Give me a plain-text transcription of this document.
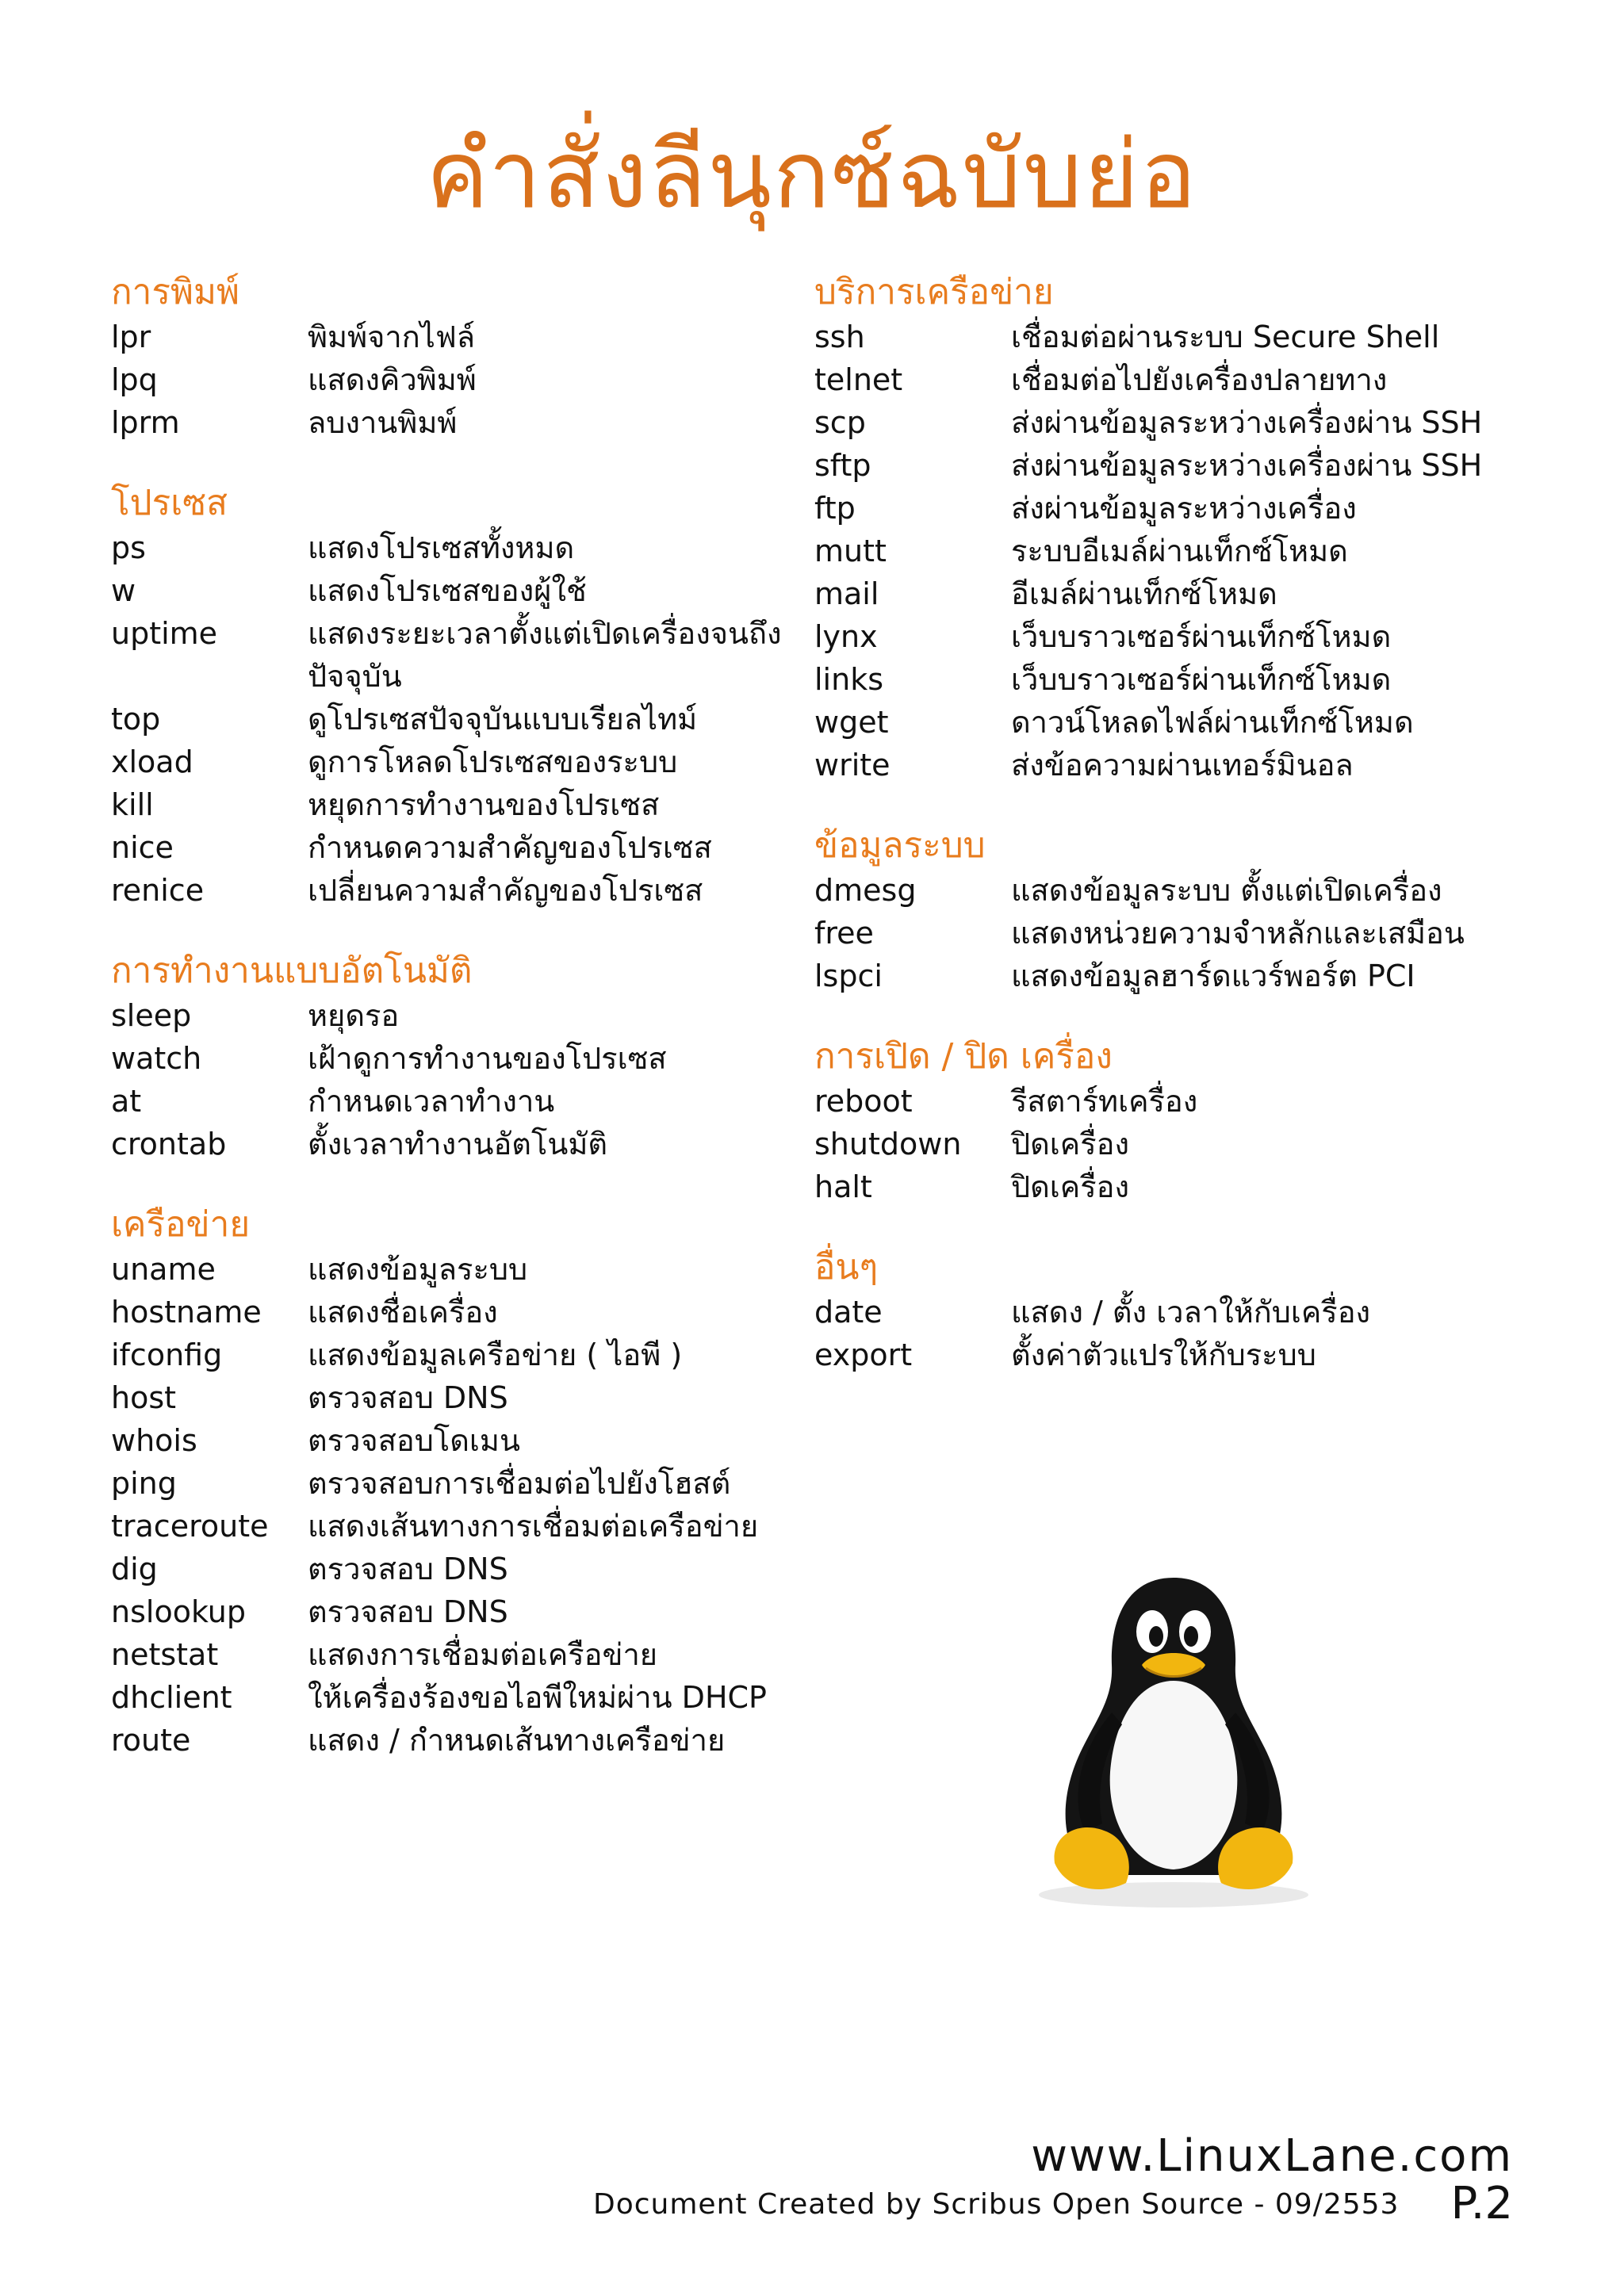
คำสั่งลีนุกซ์ฉบับย่อ
การพิมพ์
lpr	พิมพ์จากไฟล์
lpq	แสดงคิวพิมพ์
lprm	ลบงานพิมพ์
โปรเซส
ps	แสดงโปรเซสทั้งหมด
w	แสดงโปรเซสของผู้ใช้
uptime	แสดงระยะเวลาตั้งแต่เปิดเครื่องจนถึง
ปัจจุบัน
top	ดูโปรเซสปัจจุบันแบบเรียลไทม์
xload	ดูการโหลดโปรเซสของระบบ
kill	หยุดการทำงานของโปรเซส
nice	กำหนดความสำคัญของโปรเซส
renice	เปลี่ยนความสำคัญของโปรเซส
การทำงานแบบอัตโนมัติ
sleep	หยุดรอ
watch	เฝ้าดูการทำงานของโปรเซส
at	กำหนดเวลาทำงาน
crontab	ตั้งเวลาทำงานอัตโนมัติ
เครือข่าย
uname	แสดงข้อมูลระบบ
hostname	แสดงชื่อเครื่อง
ifconfig	แสดงข้อมูลเครือข่าย ( ไอพี )
host	ตรวจสอบ DNS
whois	ตรวจสอบโดเมน
ping	ตรวจสอบการเชื่อมต่อไปยังโฮสต์
traceroute	แสดงเส้นทางการเชื่อมต่อเครือข่าย
dig	ตรวจสอบ DNS
nslookup	ตรวจสอบ DNS
netstat	แสดงการเชื่อมต่อเครือข่าย
dhclient	ให้เครื่องร้องขอไอพีใหม่ผ่าน DHCP
route	แสดง / กำหนดเส้นทางเครือข่าย
บริการเครือข่าย
ssh	เชื่อมต่อผ่านระบบ Secure Shell
telnet	เชื่อมต่อไปยังเครื่องปลายทาง
scp	ส่งผ่านข้อมูลระหว่างเครื่องผ่าน SSH
sftp	ส่งผ่านข้อมูลระหว่างเครื่องผ่าน SSH
ftp	ส่งผ่านข้อมูลระหว่างเครื่อง
mutt	ระบบอีเมล์ผ่านเท็กซ์โหมด
mail	อีเมล์ผ่านเท็กซ์โหมด
lynx	เว็บบราวเซอร์ผ่านเท็กซ์โหมด
links	เว็บบราวเซอร์ผ่านเท็กซ์โหมด
wget	ดาวน์โหลดไฟล์ผ่านเท็กซ์โหมด
write	ส่งข้อความผ่านเทอร์มินอล
ข้อมูลระบบ
dmesg	แสดงข้อมูลระบบ ตั้งแต่เปิดเครื่อง
free	แสดงหน่วยความจำหลักและเสมือน
lspci	แสดงข้อมูลฮาร์ดแวร์พอร์ต PCI
การเปิด / ปิด เครื่อง
reboot	รีสตาร์ทเครื่อง
shutdown	ปิดเครื่อง
halt	ปิดเครื่อง
อื่นๆ
date	แสดง / ตั้ง เวลาให้กับเครื่อง
export	ตั้งค่าตัวแปรให้กับระบบ
www.LinuxLane.com
Document Created by Scribus Open Source - 09/2553 P.2
